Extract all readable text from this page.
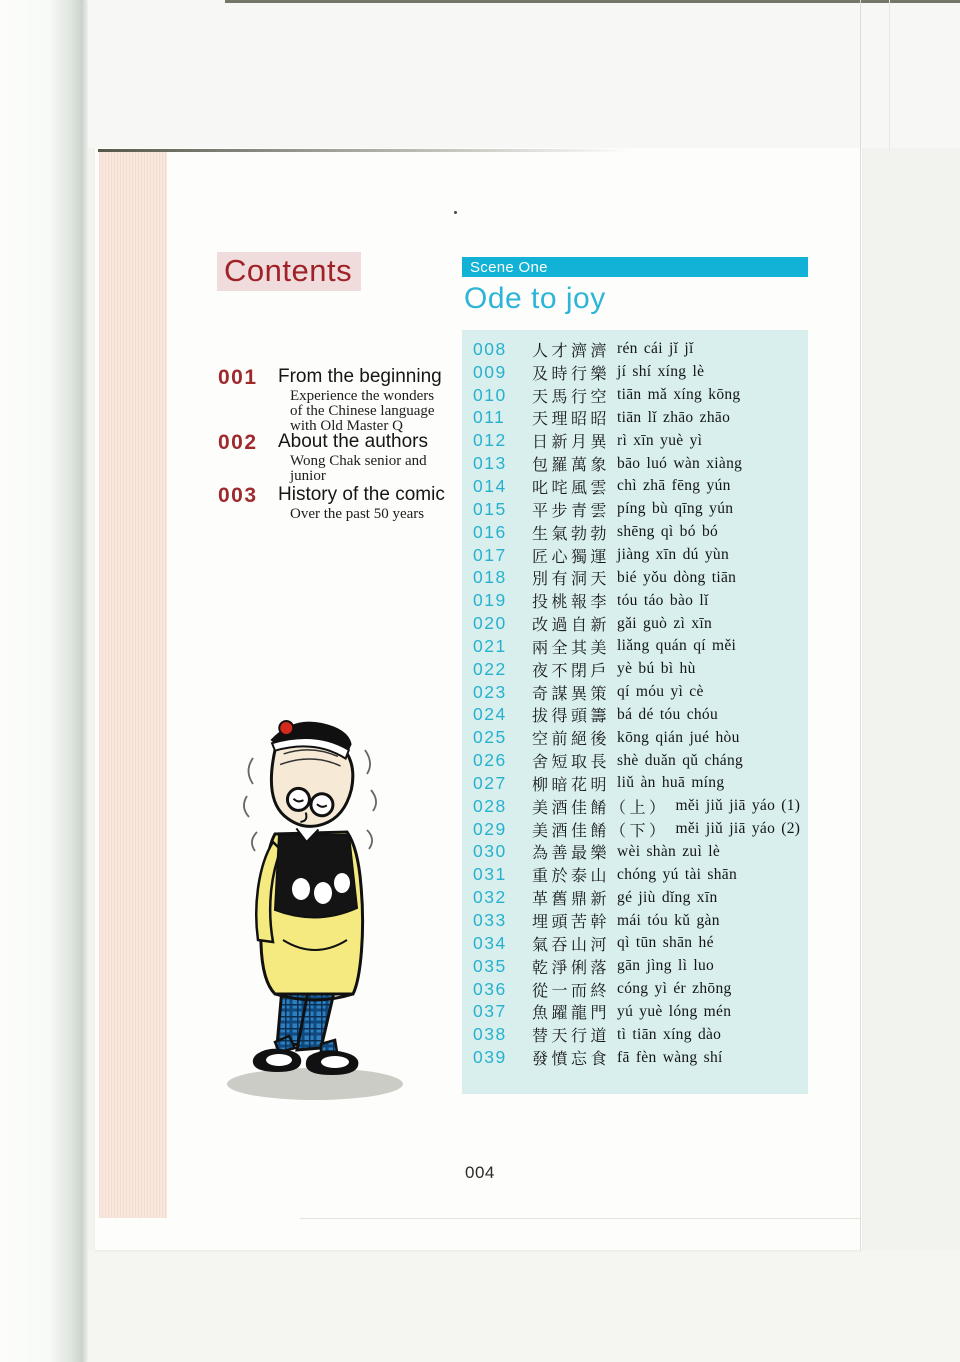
Contents
001	From the beginning
Experience the wonders of the Chinese language with Old Master Q
002	About the authors
Wong Chak senior and junior
003	History of the comic
Over the past 50 years
Scene One
Ode to joy
008 人才濟濟 rén cái jǐ jǐ
009 及時行樂 jí shí xíng lè
010 天馬行空 tiān mǎ xíng kōng
011 天理昭昭 tiān lǐ zhāo zhāo
012 日新月異 rì xīn yuè yì
013 包羅萬象 bāo luó wàn xiàng
014 叱咤風雲 chì zhā fēng yún
015 平步青雲 píng bù qīng yún
016 生氣勃勃 shēng qì bó bó
017 匠心獨運 jiàng xīn dú yùn
018 別有洞天 bié yǒu dòng tiān
019 投桃報李 tóu táo bào lǐ
020 改過自新 gǎi guò zì xīn
021 兩全其美 liǎng quán qí měi
022 夜不閉戶 yè bú bì hù
023 奇謀異策 qí móu yì cè
024 拔得頭籌 bá dé tóu chóu
025 空前絕後 kōng qián jué hòu
026 舍短取長 shè duǎn qǔ cháng
027 柳暗花明 liǔ àn huā míng
028 美酒佳餚（上） měi jiǔ jiā yáo (1)
029 美酒佳餚（下） měi jiǔ jiā yáo (2)
030 為善最樂 wèi shàn zuì lè
031 重於泰山 chóng yú tài shān
032 革舊鼎新 gé jiù dǐng xīn
033 埋頭苦幹 mái tóu kǔ gàn
034 氣吞山河 qì tūn shān hé
035 乾淨俐落 gān jìng lì luo
036 從一而終 cóng yì ér zhōng
037 魚躍龍門 yú yuè lóng mén
038 替天行道 tì tiān xíng dào
039 發憤忘食 fā fèn wàng shí
004
